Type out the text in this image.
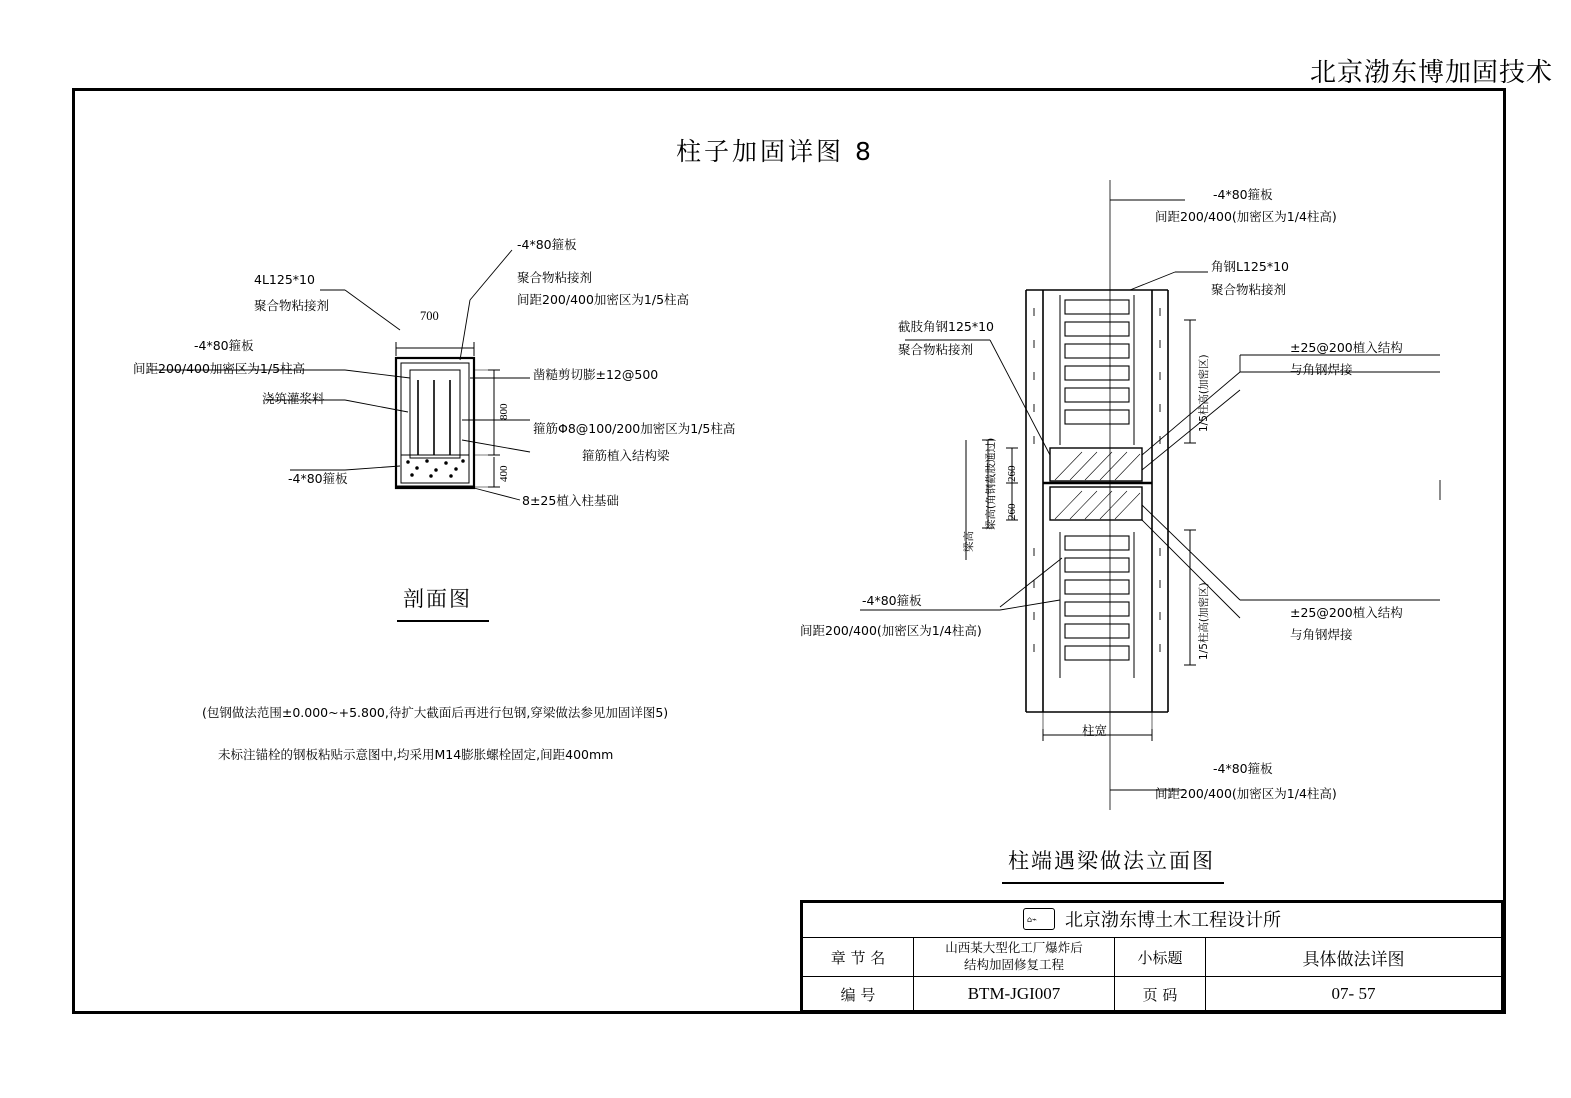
北京渤东博加固技术
柱子加固详图 8
4L125*10
聚合物粘接剂
-4*80箍板
聚合物粘接剂
间距200/400加密区为1/5柱高
-4*80箍板
间距200/400加密区为1/5柱高
浇筑灌浆料
-4*80箍板
700
800
400
凿糙剪切膨±12@500
箍筋Φ8@100/200加密区为1/5柱高
箍筋植入结构梁
8±25植入柱基础
剖面图
(包钢做法范围±0.000~+5.800,待扩大截面后再进行包钢,穿梁做法参见加固详图5)
未标注锚栓的钢板粘贴示意图中,均采用M14膨胀螺栓固定,间距400mm
-4*80箍板
间距200/400(加密区为1/4柱高)
角钢L125*10
聚合物粘接剂
截肢角钢125*10
聚合物粘接剂	±25@200植入结构
与角钢焊接
±25@200植入结构
与角钢焊接
-4*80箍板
间距200/400(加密区为1/4柱高)
-4*80箍板
间距200/400(加密区为1/4柱高)
1/5柱高(加密区)
1/5柱高(加密区)
260
260
梁高(角钢截肢通过)
梁高
柱宽
柱端遇梁做法立面图
⌂⌁ 北京渤东博土木工程设计所			

章 节 名	山西某大型化工厂爆炸后
结构加固修复工程	小标题	具体做法详图
编 号	BTM-JGI007	页 码	07- 57
